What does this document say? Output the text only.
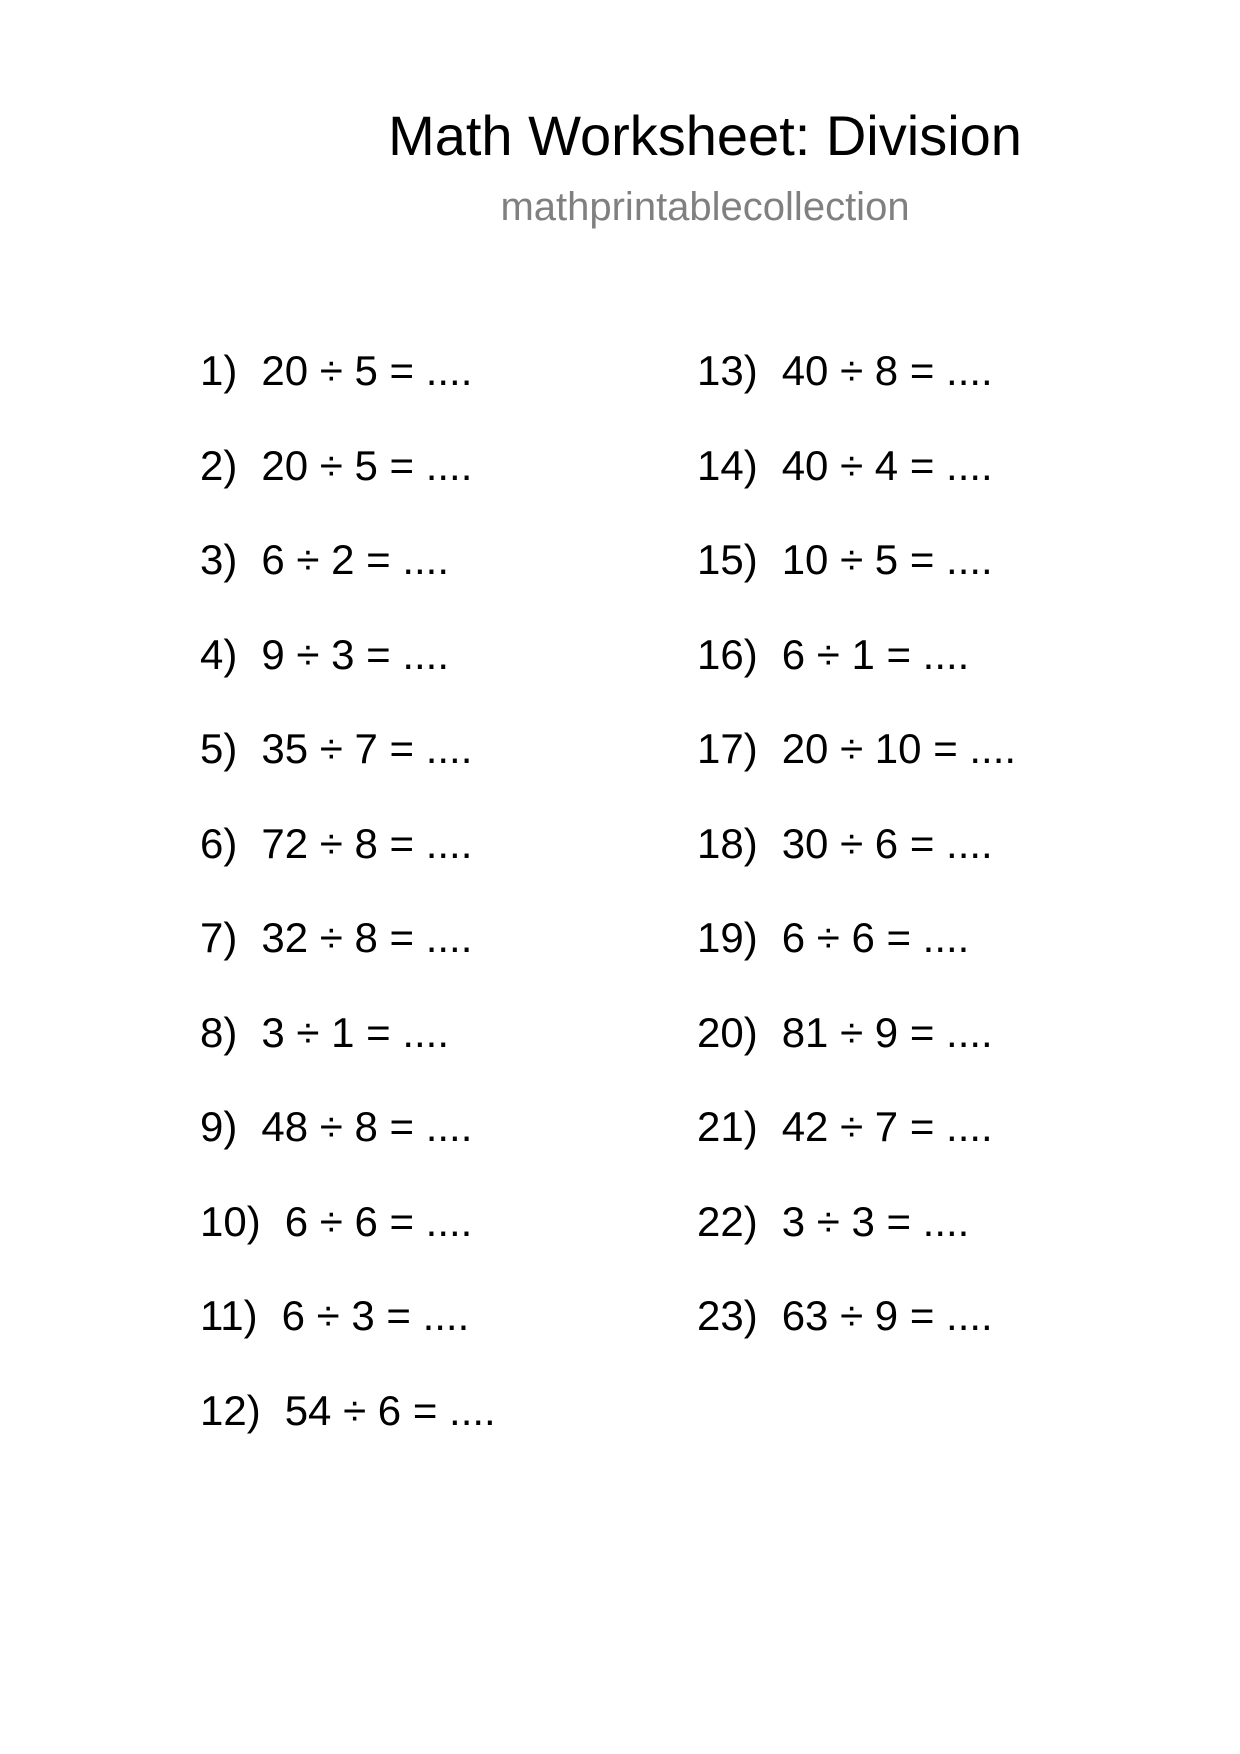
Math Worksheet: Division
mathprintablecollection
1) 20 ÷ 5 = ....
2) 20 ÷ 5 = ....
3) 6 ÷ 2 = ....
4) 9 ÷ 3 = ....
5) 35 ÷ 7 = ....
6) 72 ÷ 8 = ....
7) 32 ÷ 8 = ....
8) 3 ÷ 1 = ....
9) 48 ÷ 8 = ....
10) 6 ÷ 6 = ....
11) 6 ÷ 3 = ....
12) 54 ÷ 6 = ....
13) 40 ÷ 8 = ....
14) 40 ÷ 4 = ....
15) 10 ÷ 5 = ....
16) 6 ÷ 1 = ....
17) 20 ÷ 10 = ....
18) 30 ÷ 6 = ....
19) 6 ÷ 6 = ....
20) 81 ÷ 9 = ....
21) 42 ÷ 7 = ....
22) 3 ÷ 3 = ....
23) 63 ÷ 9 = ....
